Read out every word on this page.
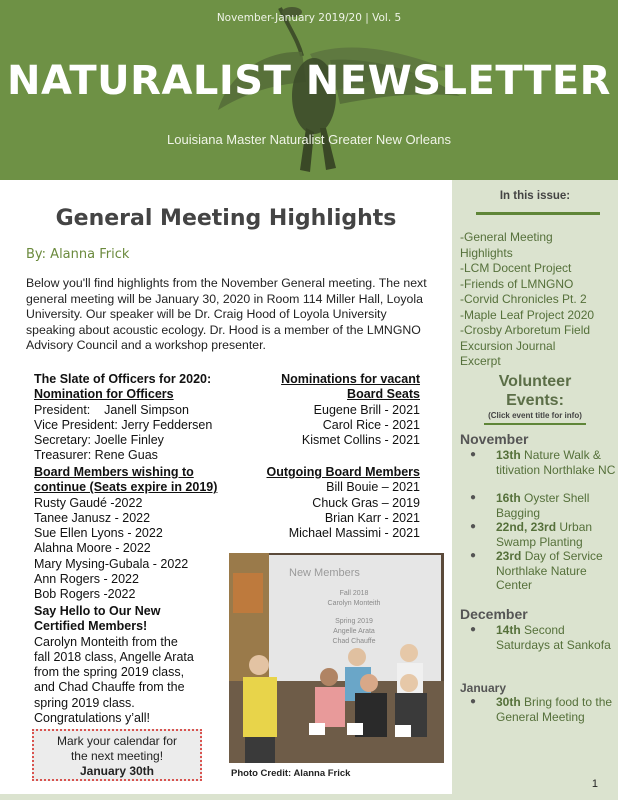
November-January 2019/20 | Vol. 5
NATURALIST NEWSLETTER
Louisiana Master Naturalist Greater New Orleans
General Meeting Highlights
By: Alanna Frick
Below you'll find highlights from the November General meeting. The next general meeting will be January 30, 2020 in Room 114 Miller Hall, Loyola University. Our speaker will be Dr. Craig Hood of Loyola University speaking about acoustic ecology. Dr. Hood is a member of the LMNGNO Advisory Council and a workshop presenter.
The Slate of Officers for 2020:
Nomination for Officers
President:    Janell Simpson
Vice President: Jerry Feddersen
Secretary: Joelle Finley
Treasurer: Rene Guas
Nominations for vacant
Board Seats
Eugene Brill - 2021
Carol Rice - 2021
Kismet Collins - 2021
Board Members wishing to
continue (Seats expire in 2019)
Rusty Gaudé -2022
Tanee Janusz - 2022
Sue Ellen Lyons - 2022
Alahna Moore - 2022
Mary Mysing-Gubala - 2022
Ann Rogers - 2022
Bob Rogers -2022
Outgoing Board Members
Bill Bouie – 2021
Chuck Gras – 2019
Brian Karr - 2021
Michael Massimi - 2021
Say Hello to Our New
Certified Members!
Carolyn Monteith from the
fall 2018 class, Angelle Arata
from the spring 2019 class,
and Chad Chauffe from the
spring 2019 class.
Congratulations y’all!
Mark your calendar for
the next meeting!
January 30th
New Members
Fall 2018
Carolyn Monteith
Spring 2019
Angelle Arata
Chad Chauffe
Photo Credit: Alanna Frick
In this issue:
-General Meeting
Highlights
-LCM Docent Project
-Friends of LMNGNO
-Corvid Chronicles Pt. 2
-Maple Leaf Project 2020
-Crosby Arboretum Field
Excursion Journal
Excerpt
Volunteer
Events:
(Click event title for info)
November
● 13th Nature Walk & titivation Northlake NC
● 16th Oyster Shell Bagging
● 22nd, 23rd Urban Swamp Planting
● 23rd Day of Service Northlake Nature Center
December
● 14th Second Saturdays at Sankofa
January
● 30th Bring food to the General Meeting
1
